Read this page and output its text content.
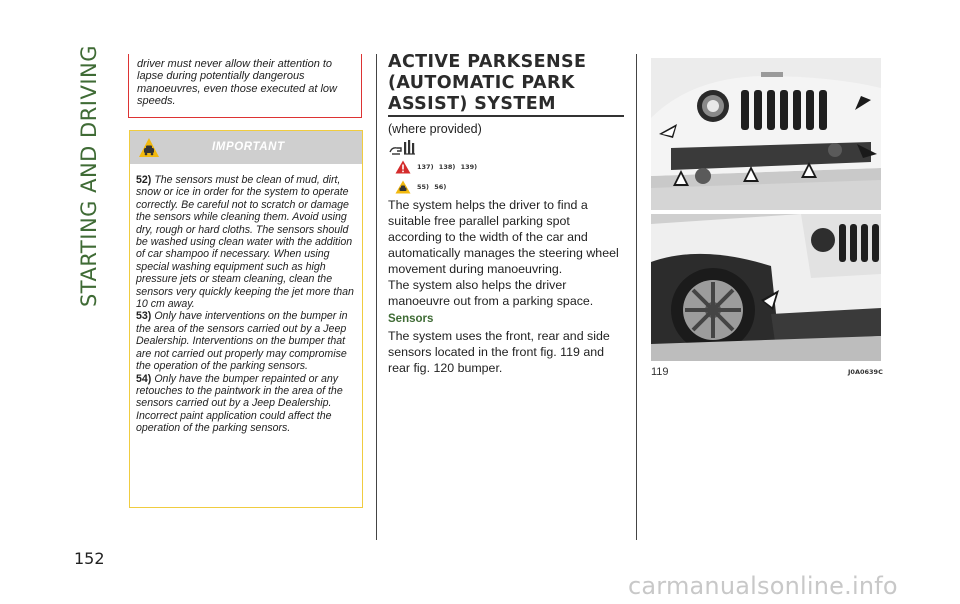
STARTING AND DRIVING
152
driver must never allow their attention to lapse during potentially dangerous manoeuvres, even those executed at low speeds.
IMPORTANT

52) The sensors must be clean of mud, dirt, snow or ice in order for the system to operate correctly. Be careful not to scratch or damage the sensors while cleaning them. Avoid using dry, rough or hard cloths. The sensors should be washed using clean water with the addition of car shampoo if necessary. When using special washing equipment such as high pressure jets or steam cleaning, clean the sensors very quickly keeping the jet more than 10 cm away.

53) Only have interventions on the bumper in the area of the sensors carried out by a Jeep Dealership. Interventions on the bumper that are not carried out properly may compromise the operation of the parking sensors.

54) Only have the bumper repainted or any retouches to the paintwork in the area of the sensors carried out by a Jeep Dealership. Incorrect paint application could affect the operation of the parking sensors.

ACTIVE PARKSENSE (AUTOMATIC PARK ASSIST) SYSTEM
(where provided)
137) 138) 139)
55) 56)

The system helps the driver to find a suitable free parallel parking spot according to the width of the car and automatically manages the steering wheel movement during manoeuvring.

The system also helps the driver manoeuvre out from a parking space.

Sensors
The system uses the front, rear and side sensors located in the front fig. 119 and rear fig. 120 bumper.	119	J0A0639C
carmanualsonline.info
